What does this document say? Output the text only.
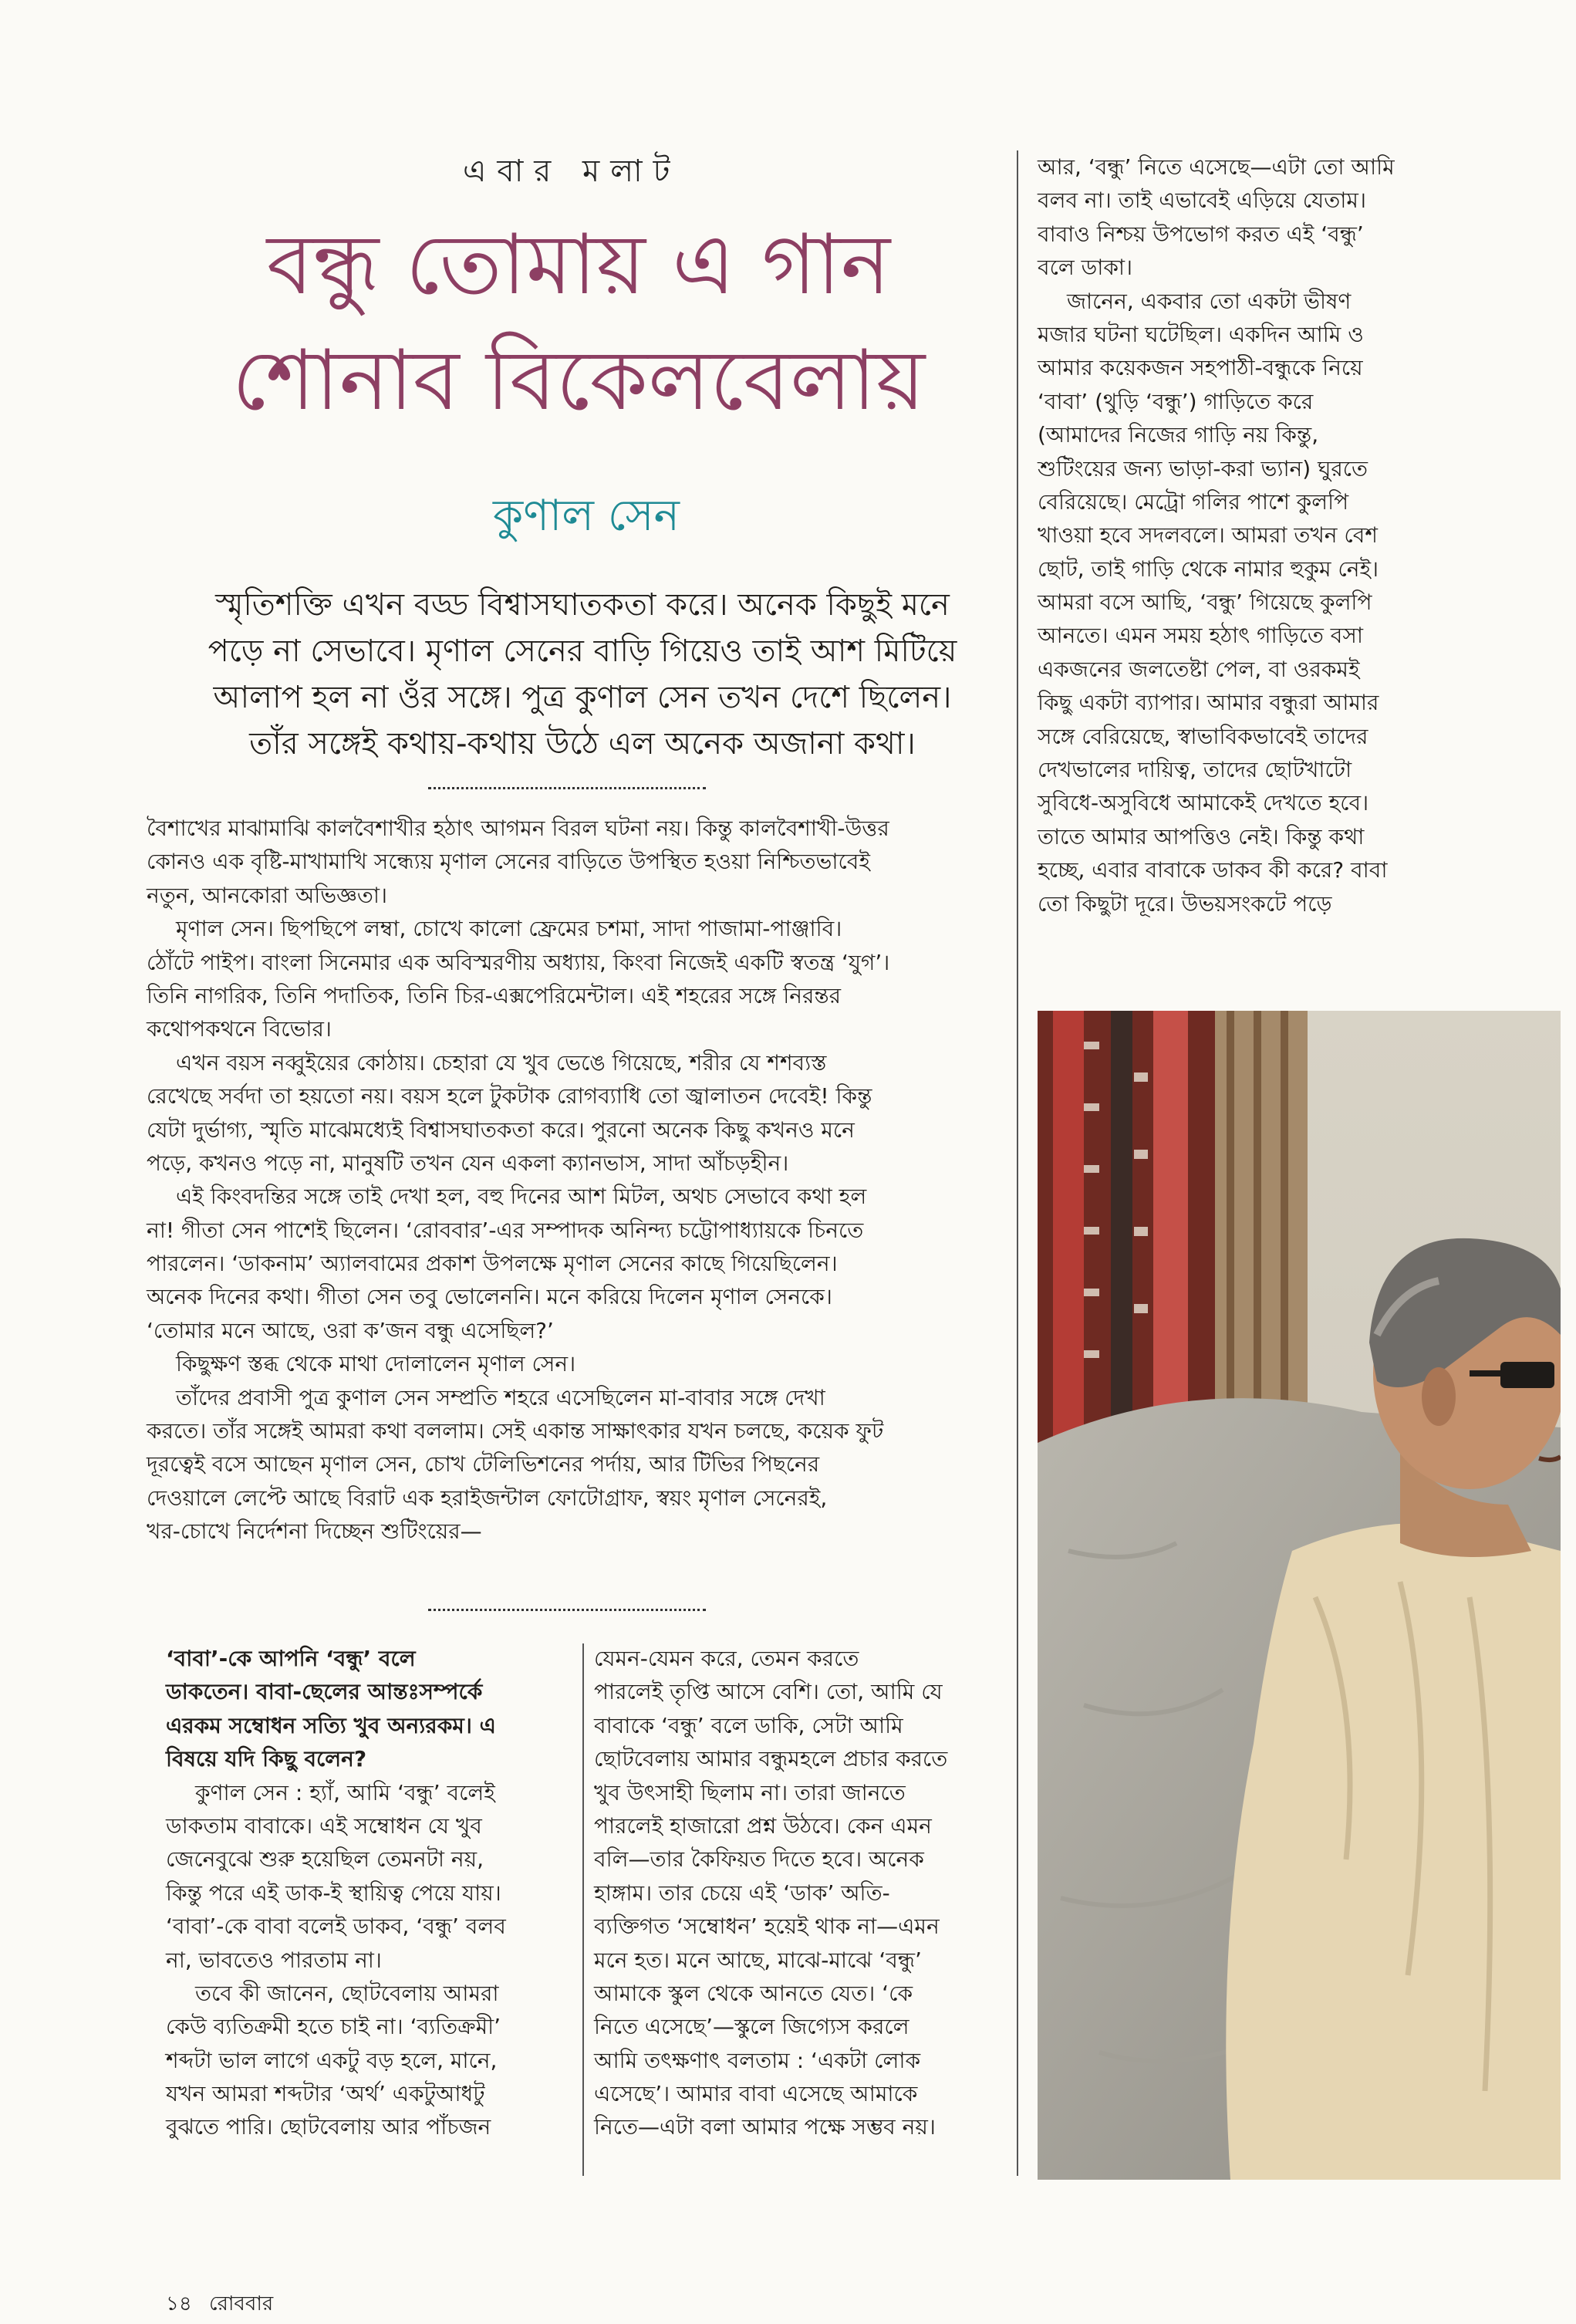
এবার মলাট
বন্ধু তোমায় এ গান
শোনাব বিকেলবেলায়
কুণাল সেন
স্মৃতিশক্তি এখন বড্ড বিশ্বাসঘাতকতা করে। অনেক কিছুই মনে
পড়ে না সেভাবে। মৃণাল সেনের বাড়ি গিয়েও তাই আশ মিটিয়ে
আলাপ হল না ওঁর সঙ্গে। পুত্র কুণাল সেন তখন দেশে ছিলেন।
তাঁর সঙ্গেই কথায়-কথায় উঠে এল অনেক অজানা কথা।

বৈশাখের মাঝামাঝি কালবৈশাখীর হঠাৎ আগমন বিরল ঘটনা নয়। কিন্তু কালবৈশাখী-উত্তর

কোনও এক বৃষ্টি-মাখামাখি সন্ধ্যেয় মৃণাল সেনের বাড়িতে উপস্থিত হওয়া নিশ্চিতভাবেই

নতুন, আনকোরা অভিজ্ঞতা।

মৃণাল সেন। ছিপছিপে লম্বা, চোখে কালো ফ্রেমের চশমা, সাদা পাজামা-পাঞ্জাবি।

ঠোঁটে পাইপ। বাংলা সিনেমার এক অবিস্মরণীয় অধ্যায়, কিংবা নিজেই একটি স্বতন্ত্র ‘যুগ’।

তিনি নাগরিক, তিনি পদাতিক, তিনি চির-এক্সপেরিমেন্টাল। এই শহরের সঙ্গে নিরন্তর

কথোপকথনে বিভোর।

এখন বয়স নব্বুইয়ের কোঠায়। চেহারা যে খুব ভেঙে গিয়েছে, শরীর যে শশব্যস্ত

রেখেছে সর্বদা তা হয়তো নয়। বয়স হলে টুকটাক রোগব্যাধি তো জ্বালাতন দেবেই! কিন্তু

যেটা দুর্ভাগ্য, স্মৃতি মাঝেমধ্যেই বিশ্বাসঘাতকতা করে। পুরনো অনেক কিছু কখনও মনে

পড়ে, কখনও পড়ে না, মানুষটি তখন যেন একলা ক্যানভাস, সাদা আঁচড়হীন।

এই কিংবদন্তির সঙ্গে তাই দেখা হল, বহু দিনের আশ মিটল, অথচ সেভাবে কথা হল

না! গীতা সেন পাশেই ছিলেন। ‘রোববার’-এর সম্পাদক অনিন্দ্য চট্টোপাধ্যায়কে চিনতে

পারলেন। ‘ডাকনাম’ অ্যালবামের প্রকাশ উপলক্ষে মৃণাল সেনের কাছে গিয়েছিলেন।

অনেক দিনের কথা। গীতা সেন তবু ভোলেননি। মনে করিয়ে দিলেন মৃণাল সেনকে।

‘তোমার মনে আছে, ওরা ক’জন বন্ধু এসেছিল?’

কিছুক্ষণ স্তব্ধ থেকে মাথা দোলালেন মৃণাল সেন।

তাঁদের প্রবাসী পুত্র কুণাল সেন সম্প্রতি শহরে এসেছিলেন মা-বাবার সঙ্গে দেখা

করতে। তাঁর সঙ্গেই আমরা কথা বললাম। সেই একান্ত সাক্ষাৎকার যখন চলছে, কয়েক ফুট

দূরত্বেই বসে আছেন মৃণাল সেন, চোখ টেলিভিশনের পর্দায়, আর টিভির পিছনের

দেওয়ালে লেপ্টে আছে বিরাট এক হরাইজন্টাল ফোটোগ্রাফ, স্বয়ং মৃণাল সেনেরই,

খর-চোখে নির্দেশনা দিচ্ছেন শুটিংয়ের—

‘বাবা’-কে আপনি ‘বন্ধু’ বলে

ডাকতেন। বাবা-ছেলের আন্তঃসম্পর্কে

এরকম সম্বোধন সত্যি খুব অন্যরকম। এ

বিষয়ে যদি কিছু বলেন?

কুণাল সেন : হ্যাঁ, আমি ‘বন্ধু’ বলেই

ডাকতাম বাবাকে। এই সম্বোধন যে খুব

জেনেবুঝে শুরু হয়েছিল তেমনটা নয়,

কিন্তু পরে এই ডাক-ই স্থায়িত্ব পেয়ে যায়।

‘বাবা’-কে বাবা বলেই ডাকব, ‘বন্ধু’ বলব

না, ভাবতেও পারতাম না।

তবে কী জানেন, ছোটবেলায় আমরা

কেউ ব্যতিক্রমী হতে চাই না। ‘ব্যতিক্রমী’

শব্দটা ভাল লাগে একটু বড় হলে, মানে,

যখন আমরা শব্দটার ‘অর্থ’ একটুআধটু

বুঝতে পারি। ছোটবেলায় আর পাঁচজন

যেমন-যেমন করে, তেমন করতে

পারলেই তৃপ্তি আসে বেশি। তো, আমি যে

বাবাকে ‘বন্ধু’ বলে ডাকি, সেটা আমি

ছোটবেলায় আমার বন্ধুমহলে প্রচার করতে

খুব উৎসাহী ছিলাম না। তারা জানতে

পারলেই হাজারো প্রশ্ন উঠবে। কেন এমন

বলি—তার কৈফিয়ত দিতে হবে। অনেক

হাঙ্গাম। তার চেয়ে এই ‘ডাক’ অতি-

ব্যক্তিগত ‘সম্বোধন’ হয়েই থাক না—এমন

মনে হত। মনে আছে, মাঝে-মাঝে ‘বন্ধু’

আমাকে স্কুল থেকে আনতে যেত। ‘কে

নিতে এসেছে’—স্কুলে জিগ্যেস করলে

আমি তৎক্ষণাৎ বলতাম : ‘একটা লোক

এসেছে’। আমার বাবা এসেছে আমাকে

নিতে—এটা বলা আমার পক্ষে সম্ভব নয়।

আর, ‘বন্ধু’ নিতে এসেছে—এটা তো আমি

বলব না। তাই এভাবেই এড়িয়ে যেতাম।

বাবাও নিশ্চয় উপভোগ করত এই ‘বন্ধু’

বলে ডাকা।

জানেন, একবার তো একটা ভীষণ

মজার ঘটনা ঘটেছিল। একদিন আমি ও

আমার কয়েকজন সহপাঠী-বন্ধুকে নিয়ে

‘বাবা’ (থুড়ি ‘বন্ধু’) গাড়িতে করে

(আমাদের নিজের গাড়ি নয় কিন্তু,

শুটিংয়ের জন্য ভাড়া-করা ভ্যান) ঘুরতে

বেরিয়েছে। মেট্রো গলির পাশে কুলপি

খাওয়া হবে সদলবলে। আমরা তখন বেশ

ছোট, তাই গাড়ি থেকে নামার হুকুম নেই।

আমরা বসে আছি, ‘বন্ধু’ গিয়েছে কুলপি

আনতে। এমন সময় হঠাৎ গাড়িতে বসা

একজনের জলতেষ্টা পেল, বা ওরকমই

কিছু একটা ব্যাপার। আমার বন্ধুরা আমার

সঙ্গে বেরিয়েছে, স্বাভাবিকভাবেই তাদের

দেখভালের দায়িত্ব, তাদের ছোটখাটো

সুবিধে-অসুবিধে আমাকেই দেখতে হবে।

তাতে আমার আপত্তিও নেই। কিন্তু কথা

হচ্ছে, এবার বাবাকে ডাকব কী করে? বাবা

তো কিছুটা দূরে। উভয়সংকটে পড়ে

১৪ রোববার
